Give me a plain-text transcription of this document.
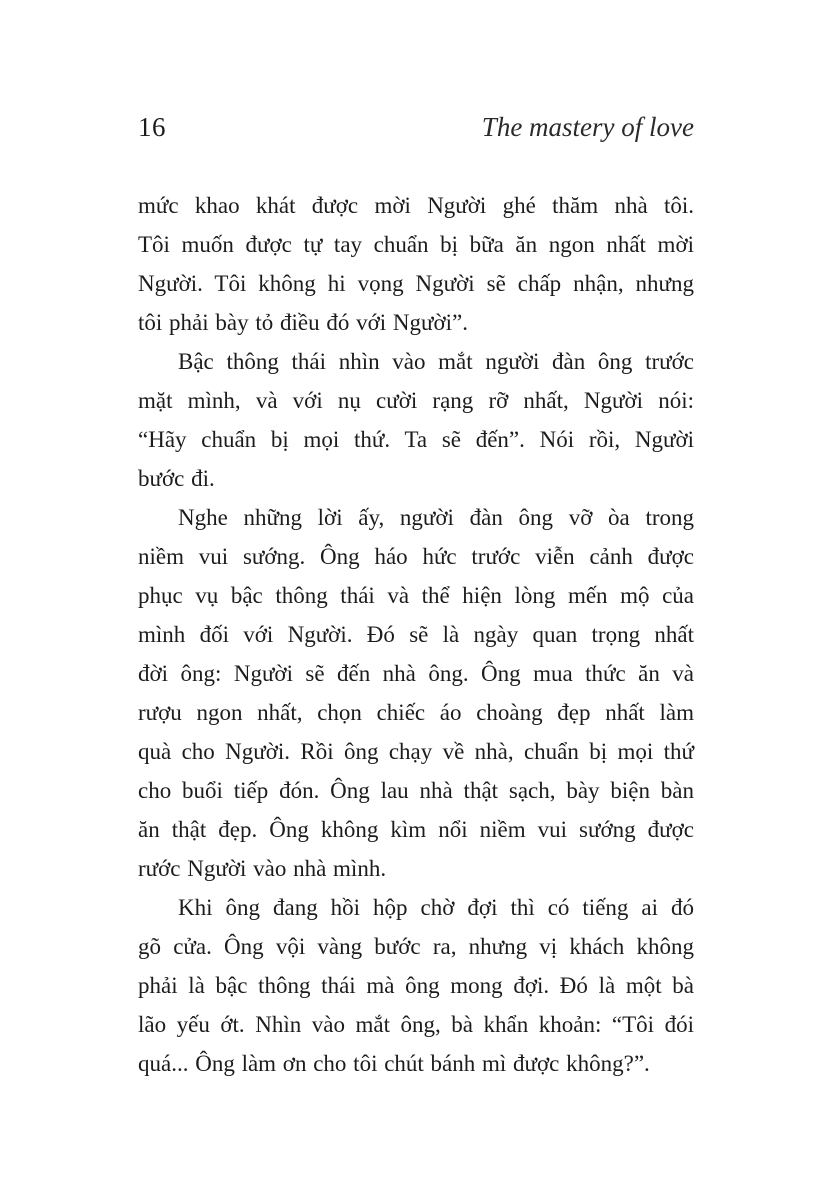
16	The mastery of love
mức khao khát được mời Người ghé thăm nhà tôi.
Tôi muốn được tự tay chuẩn bị bữa ăn ngon nhất mời
Người. Tôi không hi vọng Người sẽ chấp nhận, nhưng
tôi phải bày tỏ điều đó với Người”.
Bậc thông thái nhìn vào mắt người đàn ông trước
mặt mình, và với nụ cười rạng rỡ nhất, Người nói:
“Hãy chuẩn bị mọi thứ. Ta sẽ đến”. Nói rồi, Người
bước đi.
Nghe những lời ấy, người đàn ông vỡ òa trong
niềm vui sướng. Ông háo hức trước viễn cảnh được
phục vụ bậc thông thái và thể hiện lòng mến mộ của
mình đối với Người. Đó sẽ là ngày quan trọng nhất
đời ông: Người sẽ đến nhà ông. Ông mua thức ăn và
rượu ngon nhất, chọn chiếc áo choàng đẹp nhất làm
quà cho Người. Rồi ông chạy về nhà, chuẩn bị mọi thứ
cho buổi tiếp đón. Ông lau nhà thật sạch, bày biện bàn
ăn thật đẹp. Ông không kìm nổi niềm vui sướng được
rước Người vào nhà mình.
Khi ông đang hồi hộp chờ đợi thì có tiếng ai đó
gõ cửa. Ông vội vàng bước ra, nhưng vị khách không
phải là bậc thông thái mà ông mong đợi. Đó là một bà
lão yếu ớt. Nhìn vào mắt ông, bà khẩn khoản: “Tôi đói
quá... Ông làm ơn cho tôi chút bánh mì được không?”.
